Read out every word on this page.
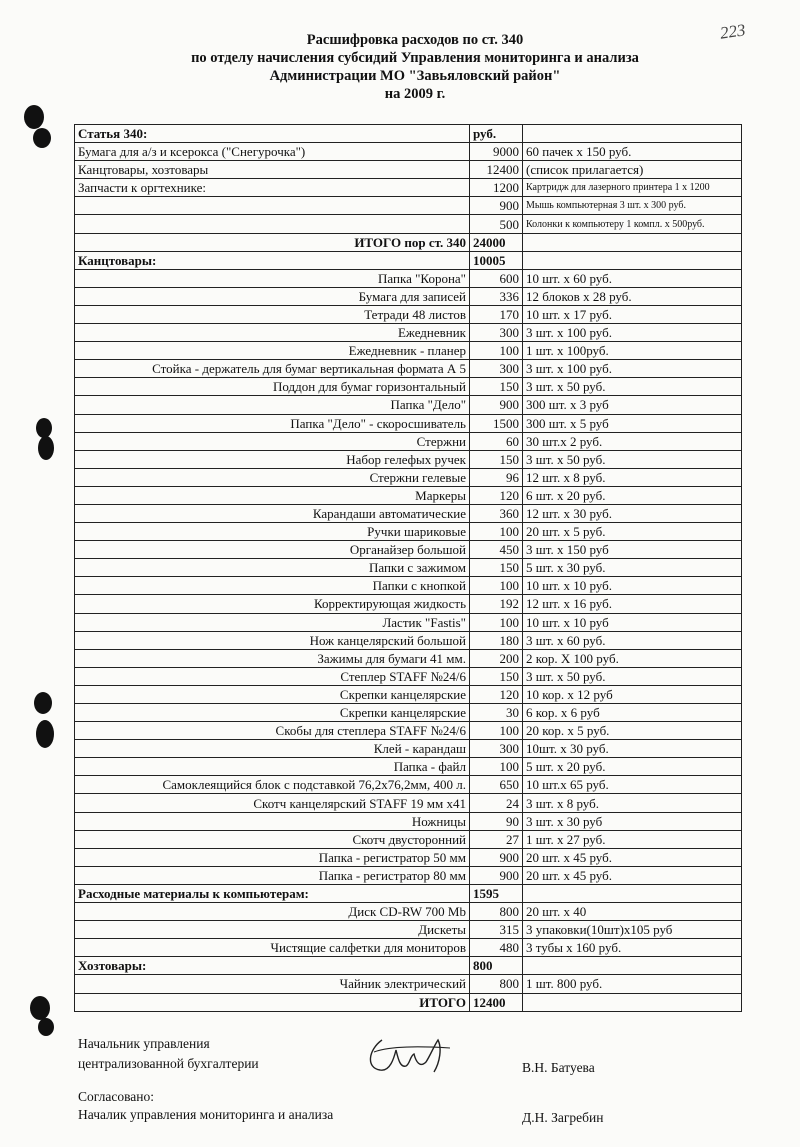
223
Расшифровка расходов по ст. 340
по отделу начисления субсидий Управления мониторинга и анализа
Администрации МО "Завьяловский район"
на 2009 г.
Статья 340:	руб.	
Бумага для а/з и ксерокса ("Снегурочка")	9000	60 пачек х 150 руб.
Канцтовары, хозтовары	12400	(список прилагается)
Запчасти к оргтехнике:	1200	Картридж для лазерного принтера 1 х 1200
	900	Мышь компьютерная 3 шт. х 300 руб.
	500	Колонки к компьютеру 1 компл. х 500руб.
ИТОГО пор ст. 340	24000	
Канцтовары:	10005	
Папка "Корона"	600	10 шт. х 60 руб.
Бумага для записей	336	12 блоков х 28 руб.
Тетради 48 листов	170	10 шт. х 17 руб.
Ежедневник	300	3 шт. х 100 руб.
Ежедневник - планер	100	1 шт. х 100руб.
Стойка - держатель для бумаг вертикальная формата А 5	300	3 шт. х 100 руб.
Поддон для бумаг горизонтальный	150	3 шт. х 50 руб.
Папка "Дело"	900	300 шт. х 3 руб
Папка "Дело" - скоросшиватель	1500	300 шт. х 5 руб
Стержни	60	30 шт.х 2 руб.
Набор гелефых ручек	150	3 шт. х 50 руб.
Стержни гелевые	96	12 шт. х 8 руб.
Маркеры	120	6 шт. х 20 руб.
Карандаши автоматические	360	12 шт. х 30 руб.
Ручки шариковые	100	20 шт. х 5 руб.
Органайзер большой	450	3 шт. х 150 руб
Папки с зажимом	150	5 шт. х 30 руб.
Папки с кнопкой	100	10 шт. х 10 руб.
Корректирующая жидкость	192	12 шт. х 16 руб.
Ластик "Fastis"	100	10 шт. х 10 руб
Нож канцелярский большой	180	3 шт. х 60 руб.
Зажимы для бумаги 41 мм.	200	2 кор. Х 100 руб.
Степлер STAFF №24/6	150	3 шт. х 50 руб.
Скрепки канцелярские	120	10 кор. х 12 руб
Скрепки канцелярские	30	6 кор. х 6 руб
Скобы для степлера STAFF №24/6	100	20 кор. х 5 руб.
Клей - карандаш	300	10шт. х 30 руб.
Папка - файл	100	5 шт. х 20 руб.
Самоклеящийся блок с подставкой 76,2х76,2мм, 400 л.	650	10 шт.х 65 руб.
Скотч канцелярский STAFF 19 мм х41	24	3 шт. х 8 руб.
Ножницы	90	3 шт. х 30 руб
Скотч двусторонний	27	1 шт. х 27 руб.
Папка - регистратор 50 мм	900	20 шт. х 45 руб.
Папка - регистратор 80 мм	900	20 шт. х 45 руб.
Расходные материалы к компьютерам:	1595	
Диск CD-RW 700 Mb	800	20 шт. х 40
Дискеты	315	3 упаковки(10шт)х105 руб
Чистящие салфетки для мониторов	480	3 тубы х 160 руб.
Хозтовары:	800	
Чайник электрический	800	1 шт. 800 руб.
ИТОГО	12400	
Начальник управления
централизованной бухгалтерии	В.Н. Батуева
Согласовано:
Началик управления мониторинга и анализа	Д.Н. Загребин
